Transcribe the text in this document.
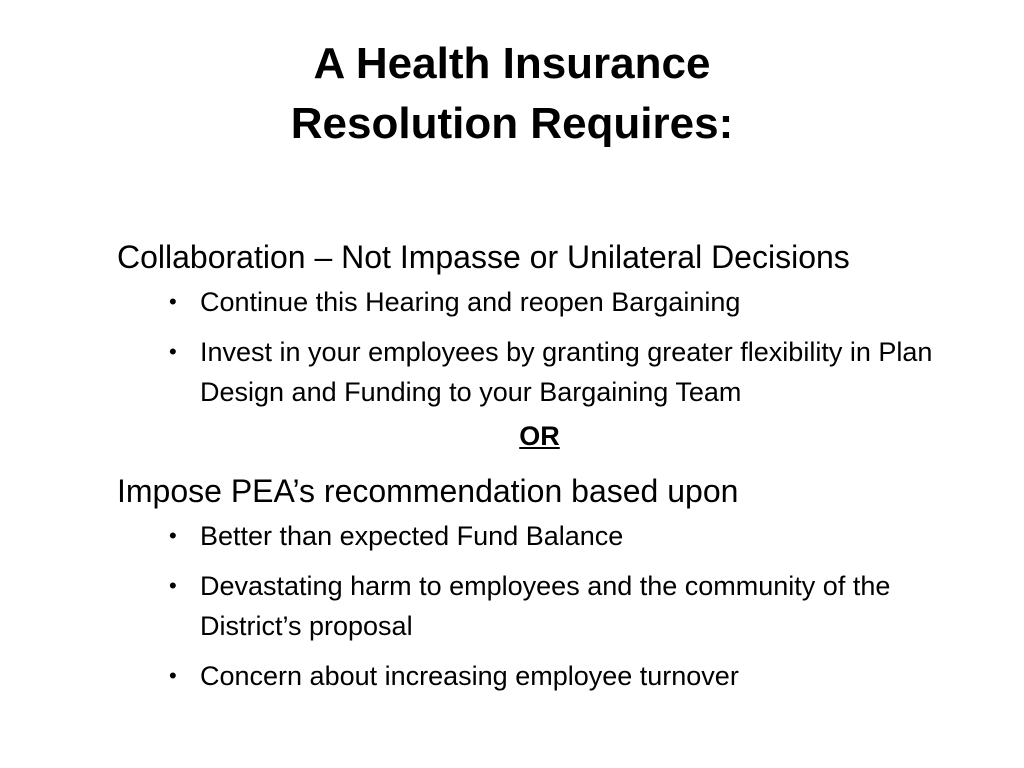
A Health Insurance
Resolution Requires:
Collaboration – Not Impasse or Unilateral Decisions
• Continue this Hearing and reopen Bargaining
• Invest in your employees by granting greater flexibility in Plan Design and Funding to your Bargaining Team
OR
Impose PEA’s recommendation based upon
• Better than expected Fund Balance
• Devastating harm to employees and the community of the District’s proposal
• Concern about increasing employee turnover
